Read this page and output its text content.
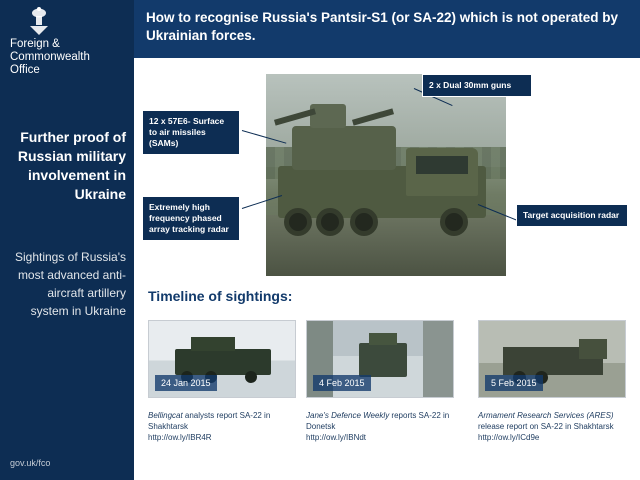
Foreign &
Commonwealth
Office
Further proof of Russian military involvement in Ukraine
Sightings of Russia's most advanced anti-aircraft artillery system in Ukraine
gov.uk/fco
How to recognise Russia's Pantsir-S1 (or SA-22) which is not operated by Ukrainian forces.
2 x Dual 30mm guns
12 x 57E6- Surface to air missiles (SAMs)
Extremely high frequency phased array tracking radar
Target acquisition radar
Timeline of sightings:
24 Jan 2015	4 Feb 2015	5 Feb 2015
Bellingcat analysts report SA-22 in Shakhtarsk
http://ow.ly/IBR4R
Jane's Defence Weekly reports SA-22 in Donetsk
http://ow.ly/IBNdt
Armament Research Services (ARES) release report on SA-22 in Shakhtarsk
http://ow.ly/ICd9e
